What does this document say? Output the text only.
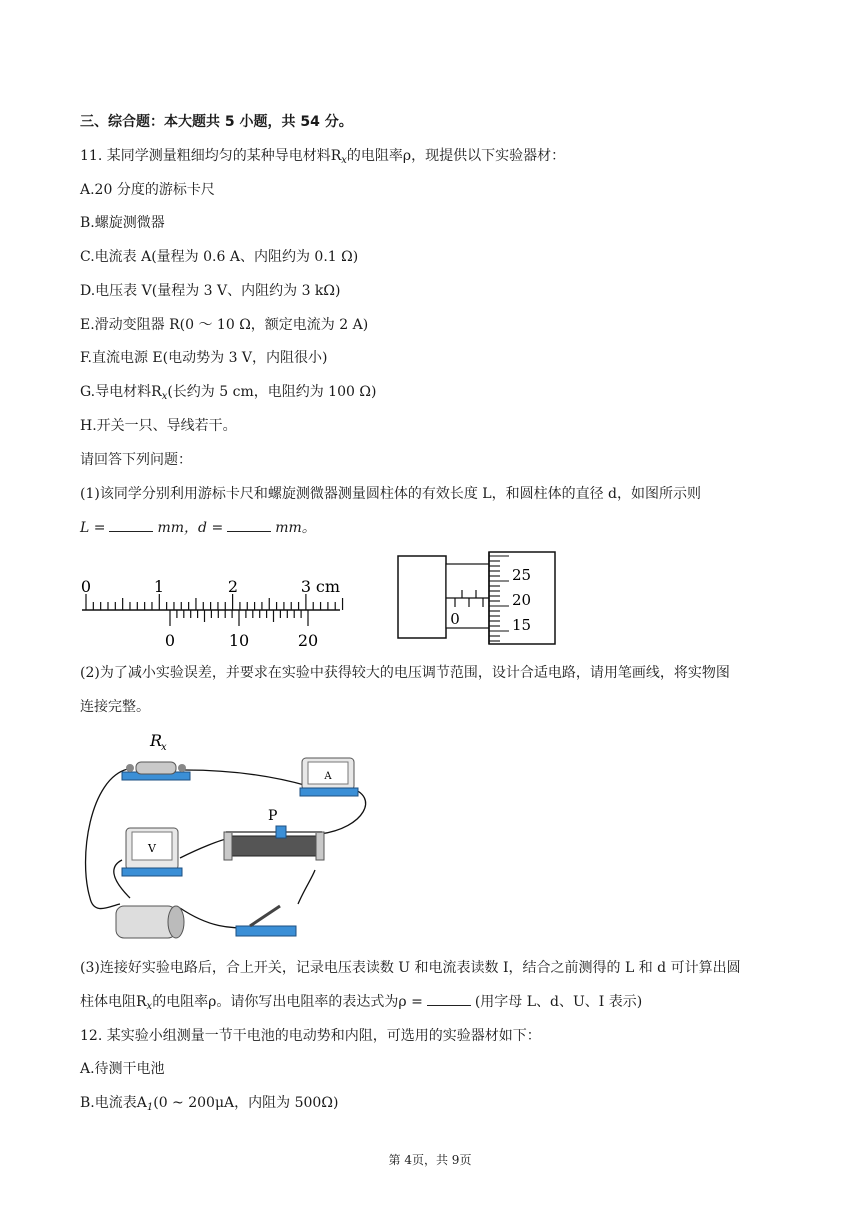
三、综合题：本大题共 5 小题，共 54 分。
11. 某同学测量粗细均匀的某种导电材料$R_x$的电阻率ρ，现提供以下实验器材：
A.20 分度的游标卡尺
B.螺旋测微器
C.电流表 A(量程为 0.6 A、内阻约为 0.1 Ω)
D.电压表 V(量程为 3 V、内阻约为 3 kΩ)
E.滑动变阻器 R(0 ～ 10 Ω，额定电流为 2 A)
F.直流电源 E(电动势为 3 V，内阻很小)
G.导电材料$R_x$(长约为 5 cm，电阻约为 100 Ω)
H.开关一只、导线若干。
请回答下列问题：
(1)该同学分别利用游标卡尺和螺旋测微器测量圆柱体的有效长度 L，和圆柱体的直径 d，如图所示则
L =	mm，d =	mm。
0	1	2	3 cm
0	10	20
0
25
20
15
(2)为了减小实验误差，并要求在实验中获得较大的电压调节范围，设计合适电路，请用笔画线，将实物图
连接完整。
R
x
A
V
P
(3)连接好实验电路后，合上开关，记录电压表读数 U 和电流表读数 I，结合之前测得的 L 和 d 可计算出圆
柱体电阻$R_x$的电阻率ρ。请你写出电阻率的表达式为ρ =	(用字母 L、d、U、I 表示)
12. 某实验小组测量一节干电池的电动势和内阻，可选用的实验器材如下：
A.待测干电池
B.电流表$A_1(0$ ~ 200μA，内阻为 500Ω)
第 4页，共 9页
